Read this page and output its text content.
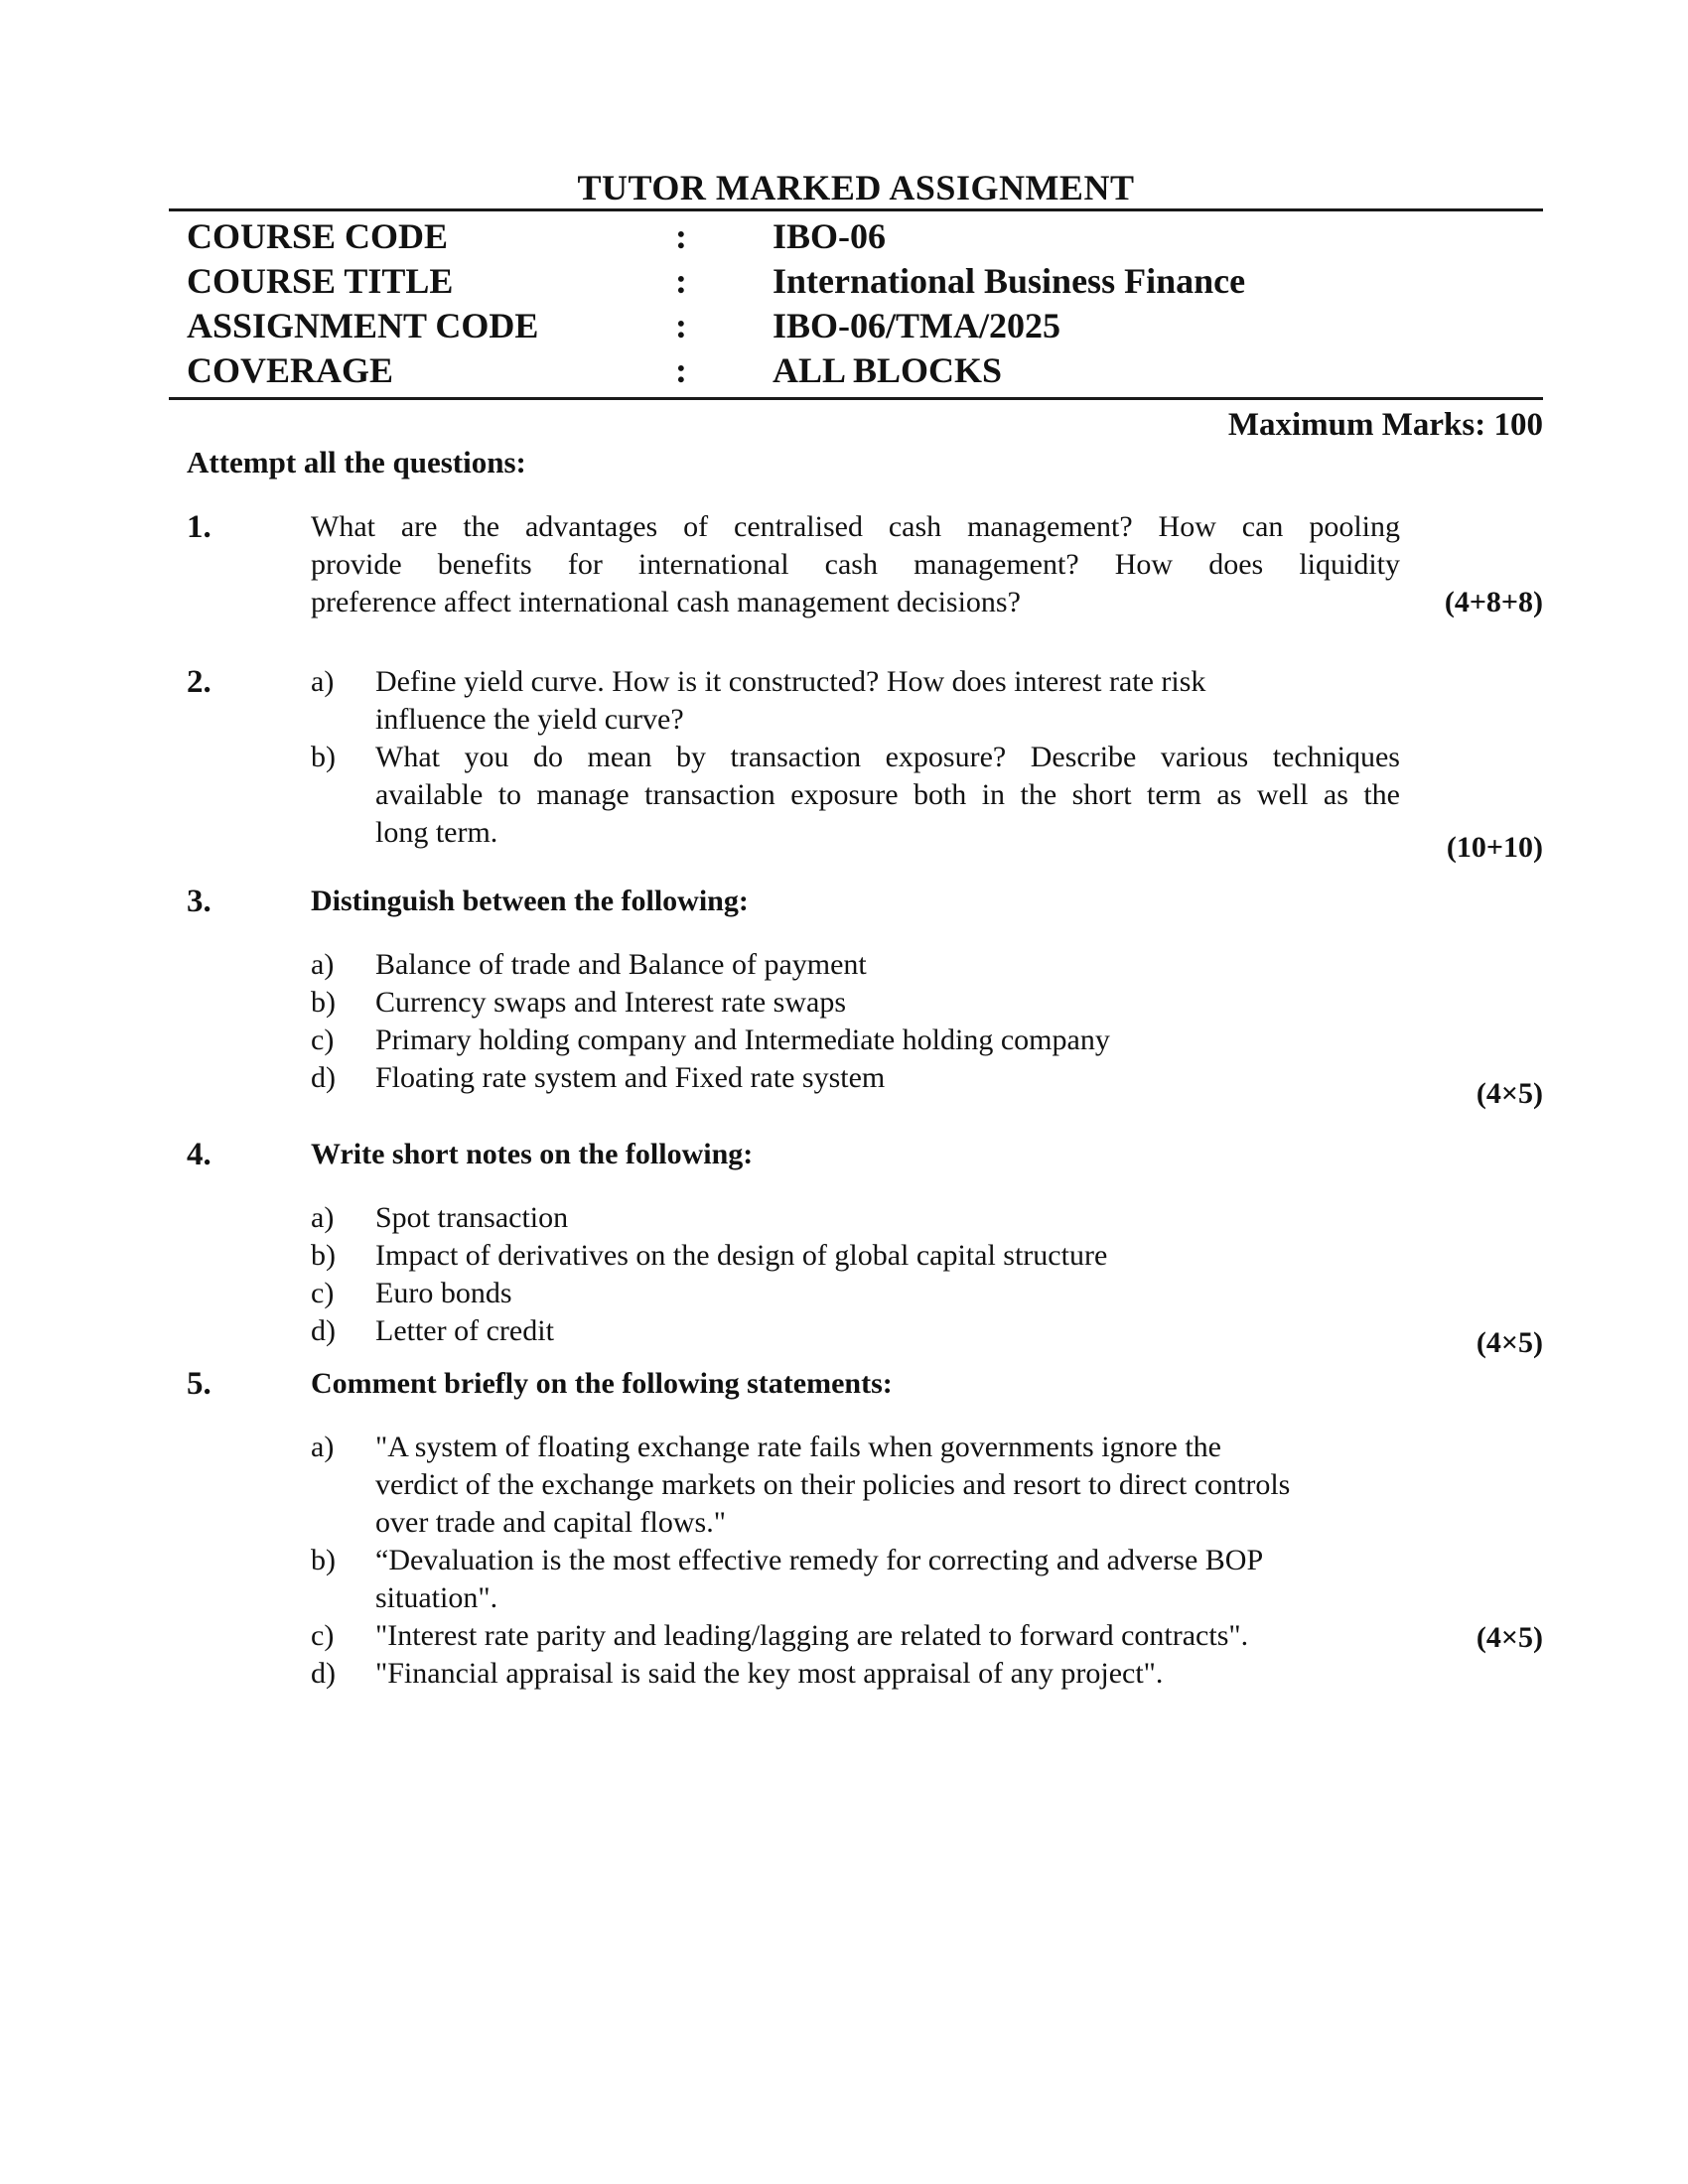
TUTOR MARKED ASSIGNMENT
COURSE CODE	:	IBO-06
COURSE TITLE	:	International Business Finance
ASSIGNMENT CODE	:	IBO-06/TMA/2025
COVERAGE	:	ALL BLOCKS
Maximum Marks: 100
Attempt all the questions:
1.	What are the advantages of centralised cash management? How can pooling
provide benefits for international cash management? How does liquidity
preference affect international cash management decisions?	(4+8+8)
2.	a)	Define yield curve. How is it constructed? How does interest rate risk
influence the yield curve?
b)	What you do mean by transaction exposure? Describe various techniques
available to manage transaction exposure both in the short term as well as the
long term.	(10+10)
3.	Distinguish between the following:
a)	Balance of trade and Balance of payment
b)	Currency swaps and Interest rate swaps
c)	Primary holding company and Intermediate holding company
d)	Floating rate system and Fixed rate system	(4×5)
4.	Write short notes on the following:
a)	Spot transaction
b)	Impact of derivatives on the design of global capital structure
c)	Euro bonds
d)	Letter of credit	(4×5)
5.	Comment briefly on the following statements:
a)	"A system of floating exchange rate fails when governments ignore the
verdict of the exchange markets on their policies and resort to direct controls
over trade and capital flows."
b)	“Devaluation is the most effective remedy for correcting and adverse BOP
situation".
c)	"Interest rate parity and leading/lagging are related to forward contracts".
d)	"Financial appraisal is said the key most appraisal of any project".
(4×5)
